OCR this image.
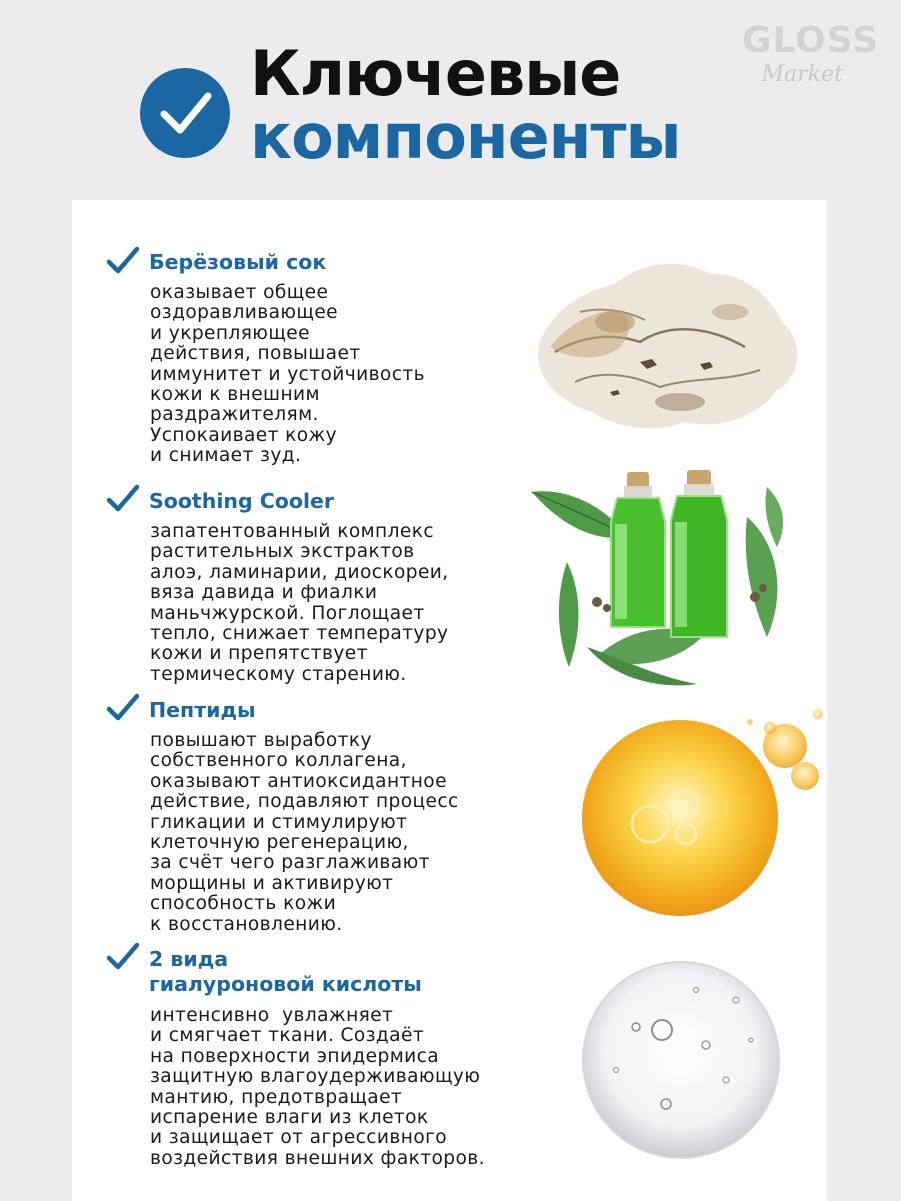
GLOSS
Market
Ключевые
компоненты
Берёзовый сок
оказывает общее
оздоравливающее
и укрепляющее
действия, повышает
иммунитет и устойчивость
кожи к внешним
раздражителям.
Успокаивает кожу
и снимает зуд.
Soothing Cooler
запатентованный комплекс
растительных экстрактов
алоэ, ламинарии, диоскореи,
вяза давида и фиалки
маньчжурской. Поглощает
тепло, снижает температуру
кожи и препятствует
термическому старению.
Пептиды
повышают выработку
собственного коллагена,
оказывают антиоксидантное
действие, подавляют процесс
гликации и стимулируют
клеточную регенерацию,
за счёт чего разглаживают
морщины и активируют
способность кожи
к восстановлению.
2 вида
гиалуроновой кислоты
интенсивно  увлажняет
и смягчает ткани. Создаёт
на поверхности эпидермиса
защитную влагоудерживающую
мантию, предотвращает
испарение влаги из клеток
и защищает от агрессивного
воздействия внешних факторов.
